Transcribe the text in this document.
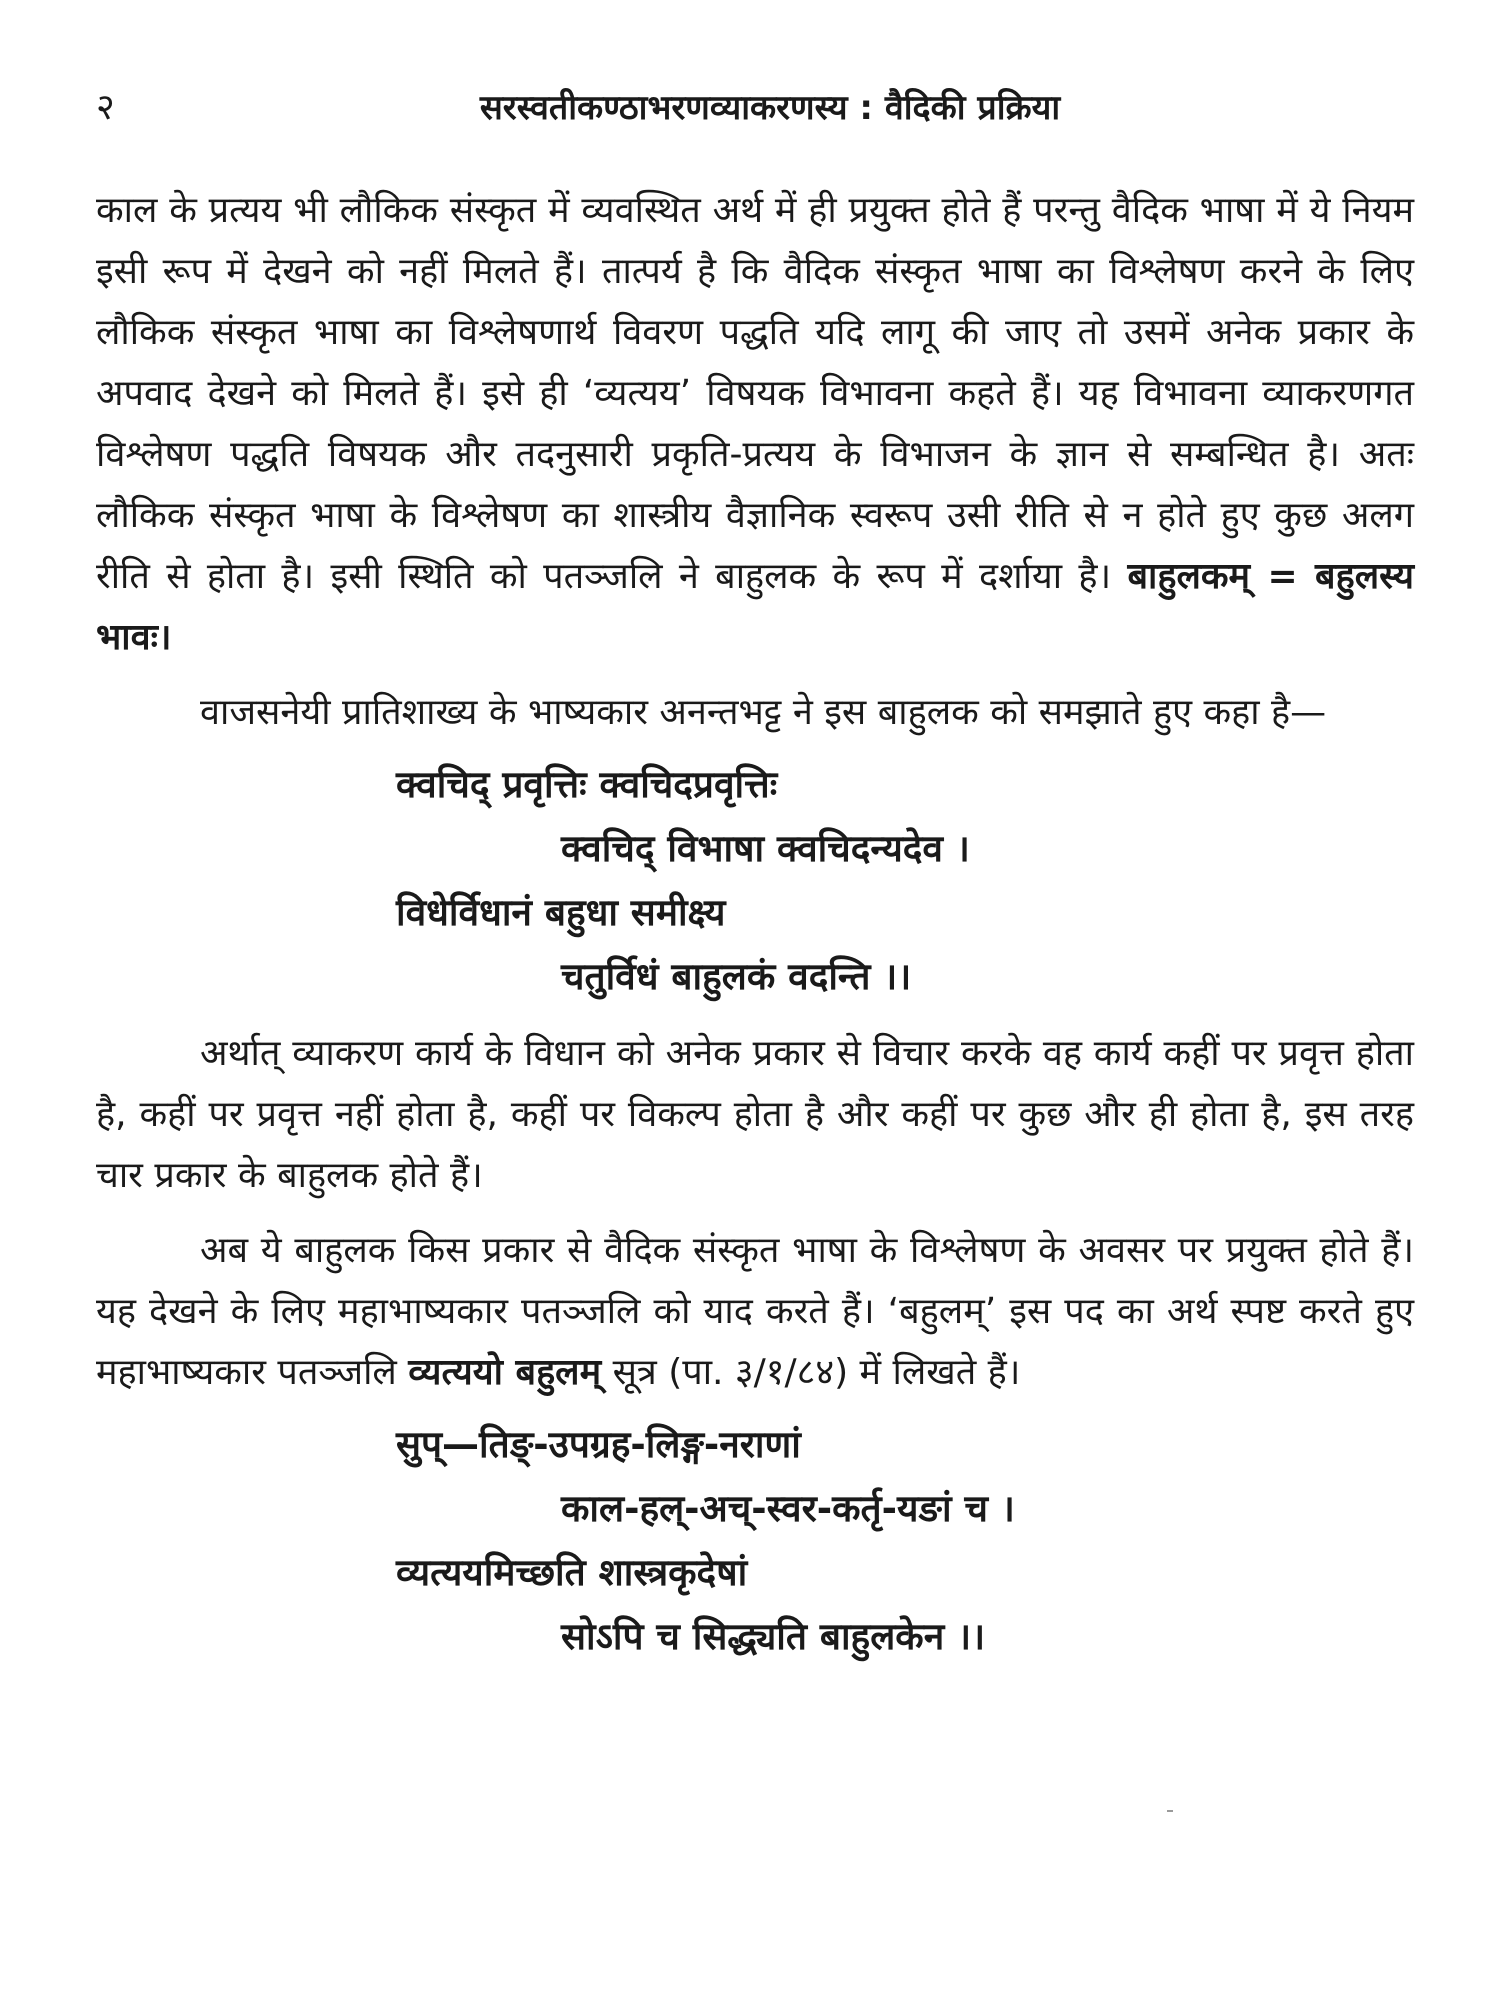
२	सरस्वतीकण्ठाभरणव्याकरणस्य : वैदिकी प्रक्रिया

काल के प्रत्यय भी लौकिक संस्कृत में व्यवस्थित अर्थ में ही प्रयुक्त होते हैं परन्तु वैदिक भाषा में ये नियम इसी रूप में देखने को नहीं मिलते हैं। तात्पर्य है कि वैदिक संस्कृत भाषा का विश्लेषण करने के लिए लौकिक संस्कृत भाषा का विश्लेषणार्थ विवरण पद्धति यदि लागू की जाए तो उसमें अनेक प्रकार के अपवाद देखने को मिलते हैं। इसे ही ‘व्यत्यय’ विषयक विभावना कहते हैं। यह विभावना व्याकरणगत विश्लेषण पद्धति विषयक और तदनुसारी प्रकृति-प्रत्यय के विभाजन के ज्ञान से सम्बन्धित है। अतः लौकिक संस्कृत भाषा के विश्लेषण का शास्त्रीय वैज्ञानिक स्वरूप उसी रीति से न होते हुए कुछ अलग रीति से होता है। इसी स्थिति को पतञ्जलि ने बाहुलक के रूप में दर्शाया है। बाहुलकम् = बहुलस्य भावः।

वाजसनेयी प्रातिशाख्य के भाष्यकार अनन्तभट्ट ने इस बाहुलक को समझाते हुए कहा है—

क्वचिद् प्रवृत्तिः क्वचिदप्रवृत्तिः
क्वचिद् विभाषा क्वचिदन्यदेव ।
विधेर्विधानं बहुधा समीक्ष्य
चतुर्विधं बाहुलकं वदन्ति ।।

अर्थात् व्याकरण कार्य के विधान को अनेक प्रकार से विचार करके वह कार्य कहीं पर प्रवृत्त होता है, कहीं पर प्रवृत्त नहीं होता है, कहीं पर विकल्प होता है और कहीं पर कुछ और ही होता है, इस तरह चार प्रकार के बाहुलक होते हैं।

अब ये बाहुलक किस प्रकार से वैदिक संस्कृत भाषा के विश्लेषण के अवसर पर प्रयुक्त होते हैं। यह देखने के लिए महाभाष्यकार पतञ्जलि को याद करते हैं। ‘बहुलम्’ इस पद का अर्थ स्पष्ट करते हुए महाभाष्यकार पतञ्जलि व्यत्ययो बहुलम् सूत्र (पा. ३/१/८४) में लिखते हैं।

सुप्—तिङ्-उपग्रह-लिङ्ग-नराणां
काल-हल्-अच्-स्वर-कर्तृ-यङां च ।
व्यत्ययमिच्छति शास्त्रकृदेषां
सोऽपि च सिद्ध्यति बाहुलकेन ।।
